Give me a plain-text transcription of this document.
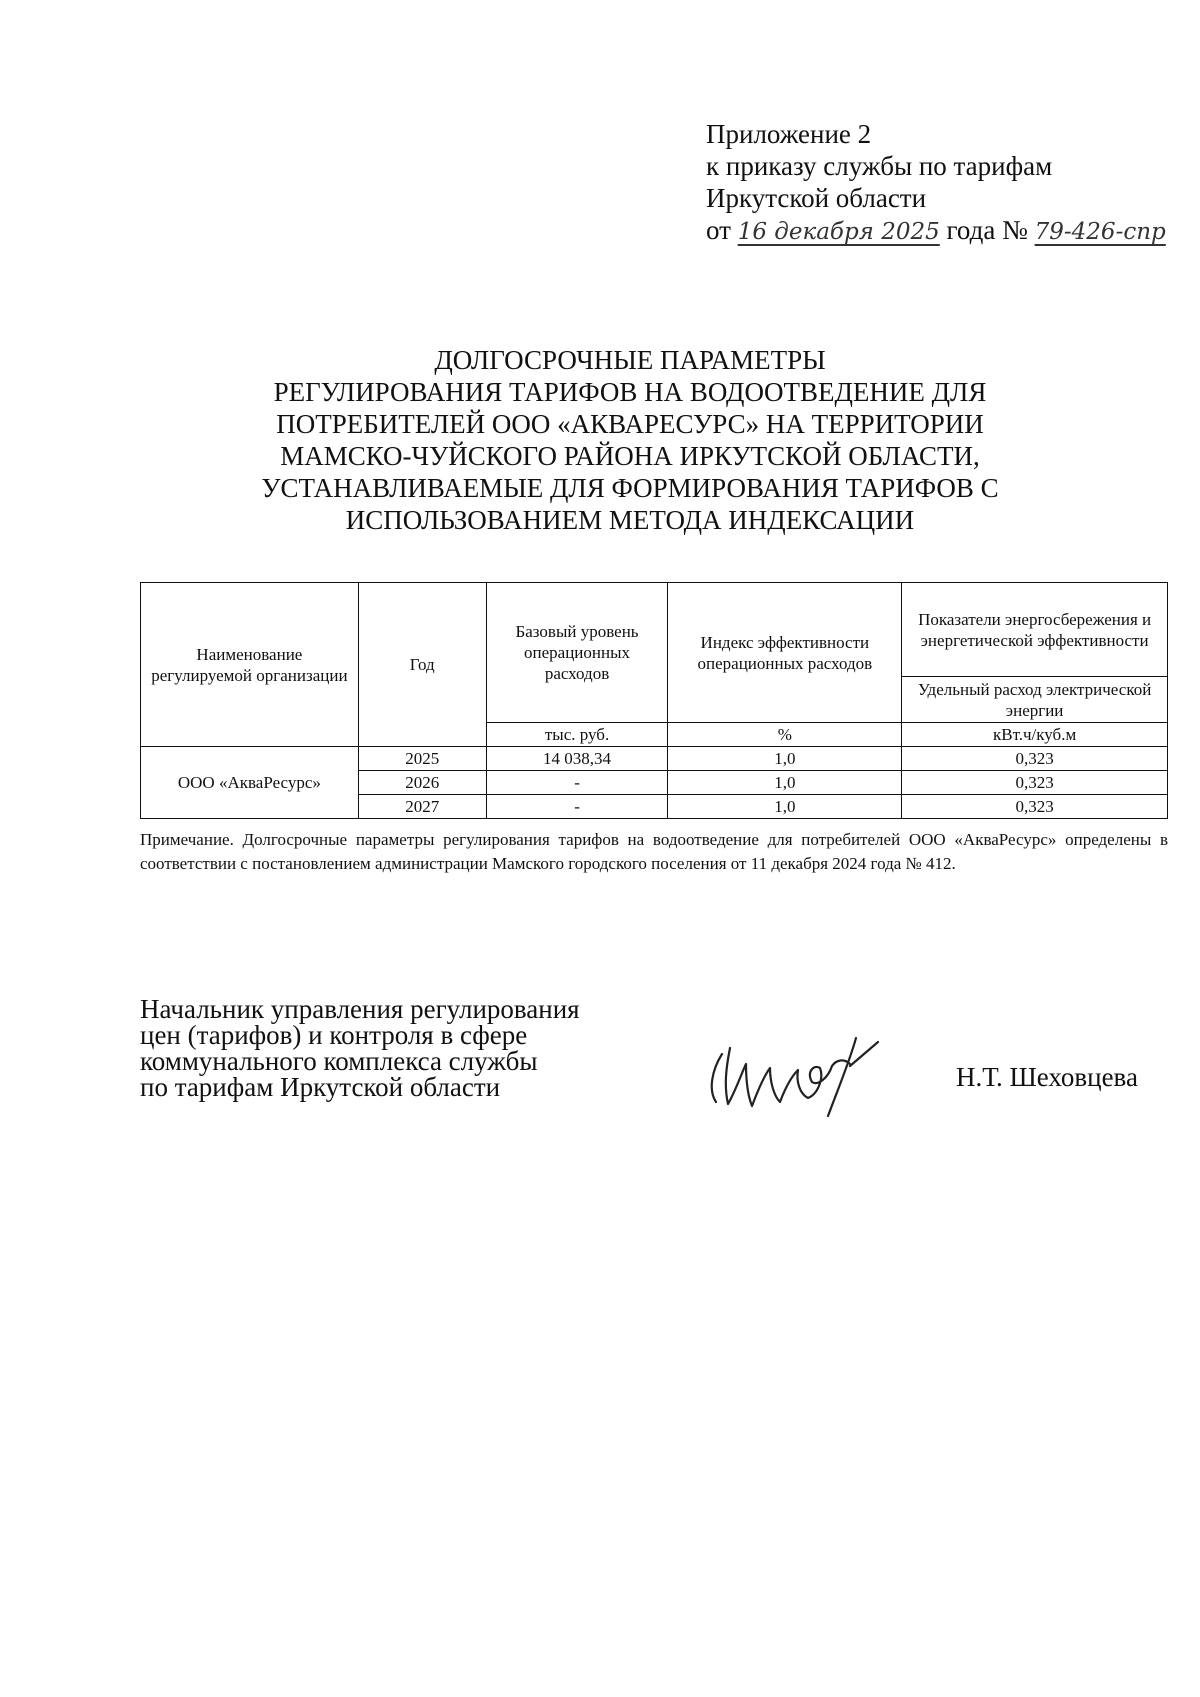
Приложение 2
к приказу службы по тарифам
Иркутской области
от 16 декабря 2025 года № 79-426-спр
ДОЛГОСРОЧНЫЕ ПАРАМЕТРЫ
РЕГУЛИРОВАНИЯ ТАРИФОВ НА ВОДООТВЕДЕНИЕ ДЛЯ
ПОТРЕБИТЕЛЕЙ ООО «АКВАРЕСУРС» НА ТЕРРИТОРИИ
МАМСКО-ЧУЙСКОГО РАЙОНА ИРКУТСКОЙ ОБЛАСТИ,
УСТАНАВЛИВАЕМЫЕ ДЛЯ ФОРМИРОВАНИЯ ТАРИФОВ С
ИСПОЛЬЗОВАНИЕМ МЕТОДА ИНДЕКСАЦИИ
Наименование регулируемой организации	Год	Базовый уровень операционных расходов	Индекс эффективности операционных расходов	Показатели энергосбережения и энергетической эффективности
				Удельный расход электрической энергии
		тыс. руб.	%	кВт.ч/куб.м
ООО «АкваРесурс»	2025	14 038,34	1,0	0,323
	2026	-	1,0	0,323
	2027	-	1,0	0,323

Примечание. Долгосрочные параметры регулирования тарифов на водоотведение для потребителей ООО «АкваРесурс» определены в соответствии с постановлением администрации Мамского городского поселения от 11 декабря 2024 года № 412.

Начальник управления регулирования
цен (тарифов) и контроля в сфере
коммунального комплекса службы
по тарифам Иркутской области	Н.Т. Шеховцева
